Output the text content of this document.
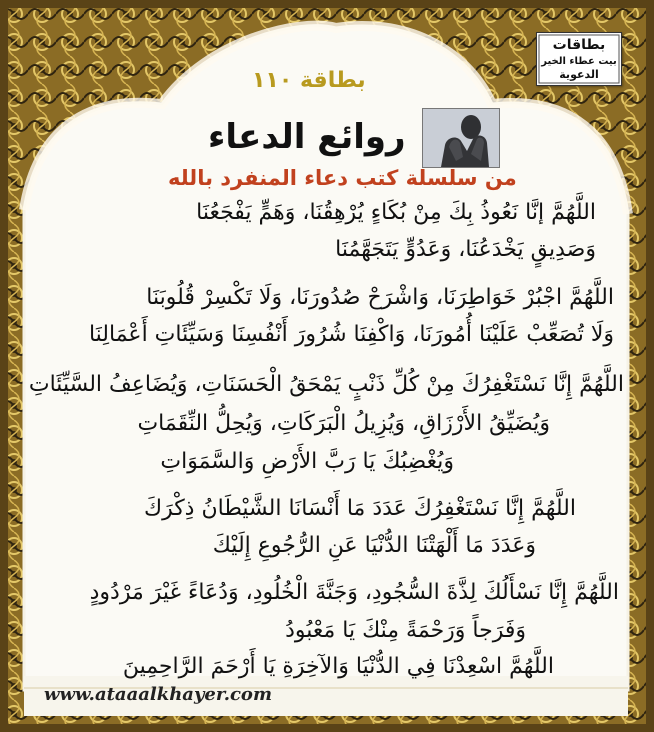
بطاقات
بيت عطاء الخير
الدعوية
بطاقة ١١٠
روائع الدعاء
من سلسلة كتب دعاء المنفرد بالله
اللَّهُمَّ إنَّا نَعُوذُ بِكَ مِنْ بُكَاءٍ يُرْهِقُنَا، وَهَمٍّ يَفْجَعُنَا
وَصَدِيقٍ يَخْدَعُنَا، وَعَدُوٍّ يَتَجَهَّمُنَا
اللَّهُمَّ اجْبُرْ خَوَاطِرَنَا، وَاشْرَحْ صُدُورَنَا، وَلَا تَكْسِرْ قُلُوبَنَا
وَلَا تُصَعِّبْ عَلَيْنَا أُمُورَنَا، وَاكْفِنَا شُرُورَ أَنْفُسِنَا وَسَيِّئَاتِ أَعْمَالِنَا
اللَّهُمَّ إِنَّا نَسْتَغْفِرُكَ مِنْ كُلِّ ذَنْبٍ يَمْحَقُ الْحَسَنَاتِ، وَيُضَاعِفُ السَّيِّئَاتِ
وَيُضَيِّقُ الأَرْزَاقِ، وَيُزِيلُ الْبَرَكَاتِ، وَيُحِلُّ النِّقَمَاتِ
وَيُغْضِبُكَ يَا رَبَّ الأَرْضِ وَالسَّمَوَاتِ
اللَّهُمَّ إِنَّا نَسْتَغْفِرُكَ عَدَدَ مَا أَنْسَانَا الشَّيْطَانُ ذِكْرَكَ
وَعَدَدَ مَا أَلْهَتْنَا الدُّنْيَا عَنِ الرُّجُوعِ إِلَيْكَ
اللَّهُمَّ إِنَّا نَسْأَلُكَ لِذَّةَ السُّجُودِ، وَجَنَّةَ الْخُلُودِ، وَدُعَاءً غَيْرَ مَرْدُودٍ
وَفَرَجاً وَرَحْمَةً مِنْكَ يَا مَعْبُودُ
اللَّهُمَّ اسْعِدْنَا فِي الدُّنْيَا وَالآخِرَةِ يَا أَرْحَمَ الرَّاحِمِينَ
www.ataaalkhayer.com
